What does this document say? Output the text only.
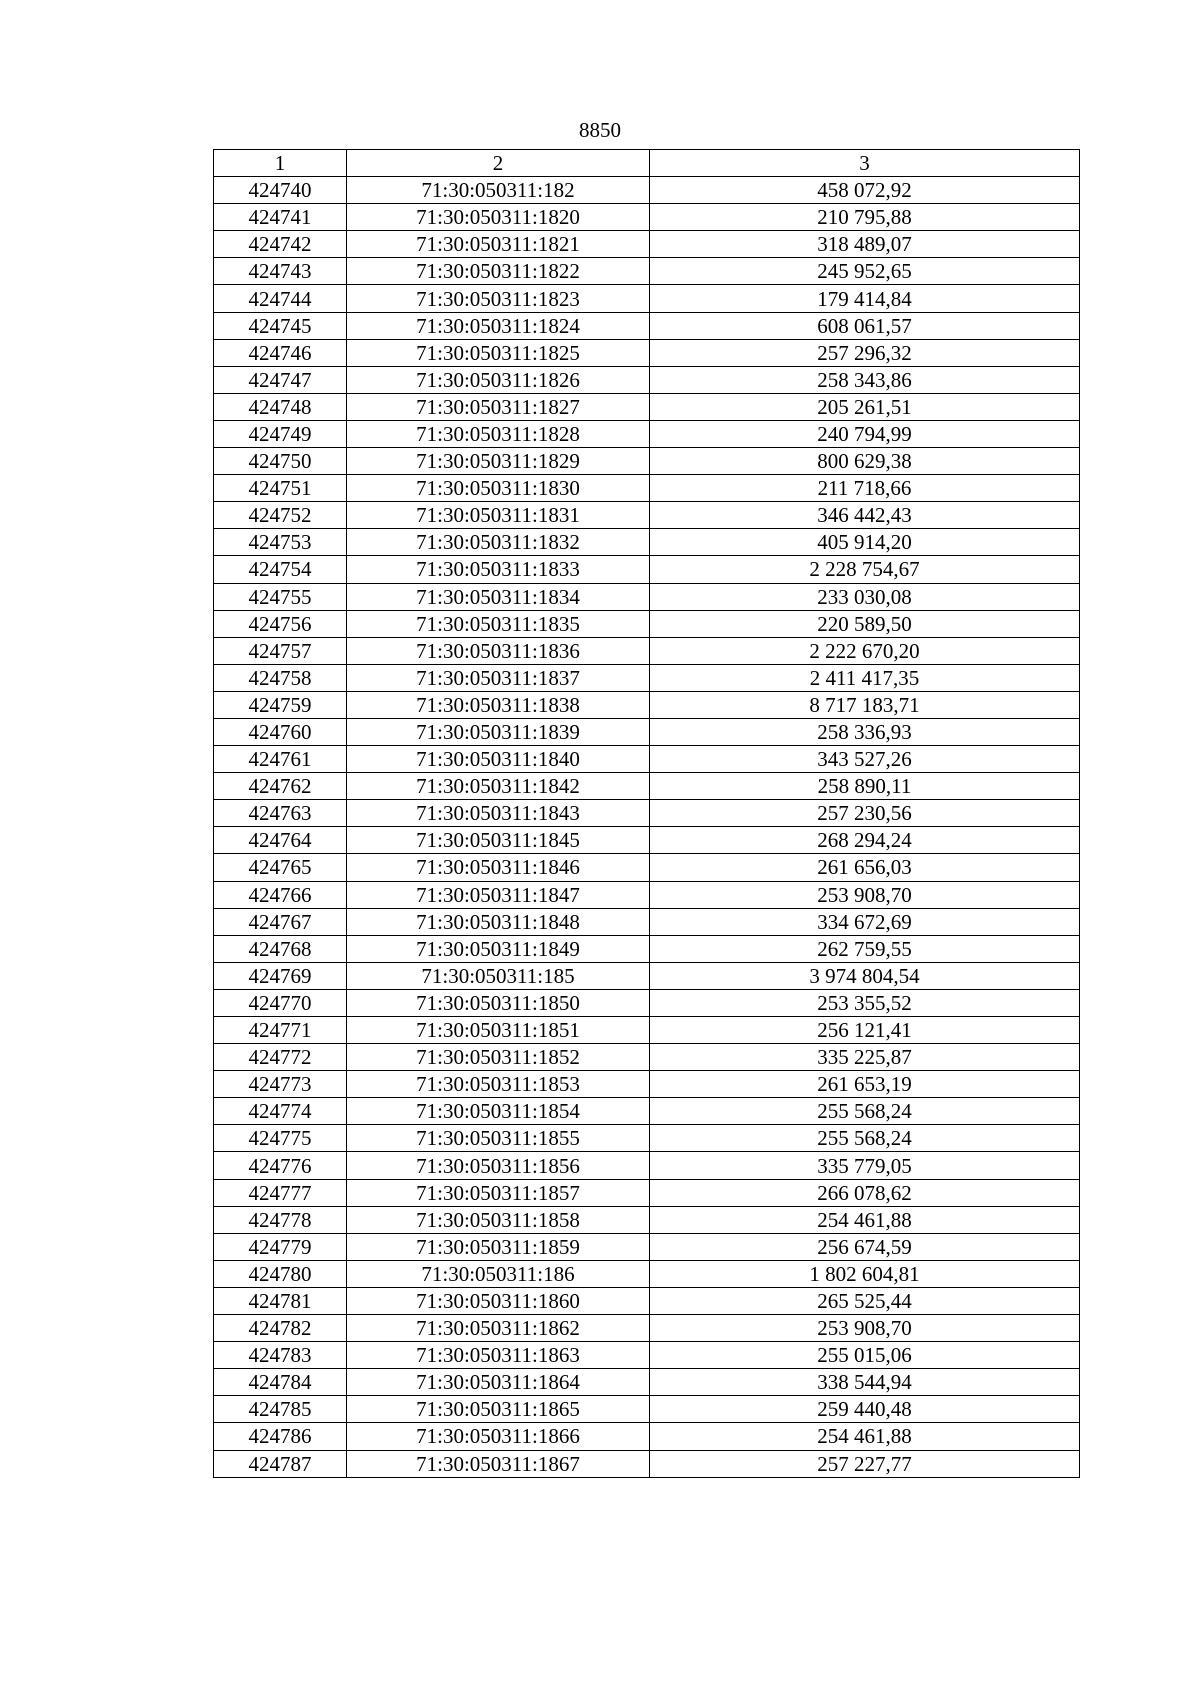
8850
1	2	3
424740	71:30:050311:182	458 072,92
424741	71:30:050311:1820	210 795,88
424742	71:30:050311:1821	318 489,07
424743	71:30:050311:1822	245 952,65
424744	71:30:050311:1823	179 414,84
424745	71:30:050311:1824	608 061,57
424746	71:30:050311:1825	257 296,32
424747	71:30:050311:1826	258 343,86
424748	71:30:050311:1827	205 261,51
424749	71:30:050311:1828	240 794,99
424750	71:30:050311:1829	800 629,38
424751	71:30:050311:1830	211 718,66
424752	71:30:050311:1831	346 442,43
424753	71:30:050311:1832	405 914,20
424754	71:30:050311:1833	2 228 754,67
424755	71:30:050311:1834	233 030,08
424756	71:30:050311:1835	220 589,50
424757	71:30:050311:1836	2 222 670,20
424758	71:30:050311:1837	2 411 417,35
424759	71:30:050311:1838	8 717 183,71
424760	71:30:050311:1839	258 336,93
424761	71:30:050311:1840	343 527,26
424762	71:30:050311:1842	258 890,11
424763	71:30:050311:1843	257 230,56
424764	71:30:050311:1845	268 294,24
424765	71:30:050311:1846	261 656,03
424766	71:30:050311:1847	253 908,70
424767	71:30:050311:1848	334 672,69
424768	71:30:050311:1849	262 759,55
424769	71:30:050311:185	3 974 804,54
424770	71:30:050311:1850	253 355,52
424771	71:30:050311:1851	256 121,41
424772	71:30:050311:1852	335 225,87
424773	71:30:050311:1853	261 653,19
424774	71:30:050311:1854	255 568,24
424775	71:30:050311:1855	255 568,24
424776	71:30:050311:1856	335 779,05
424777	71:30:050311:1857	266 078,62
424778	71:30:050311:1858	254 461,88
424779	71:30:050311:1859	256 674,59
424780	71:30:050311:186	1 802 604,81
424781	71:30:050311:1860	265 525,44
424782	71:30:050311:1862	253 908,70
424783	71:30:050311:1863	255 015,06
424784	71:30:050311:1864	338 544,94
424785	71:30:050311:1865	259 440,48
424786	71:30:050311:1866	254 461,88
424787	71:30:050311:1867	257 227,77
